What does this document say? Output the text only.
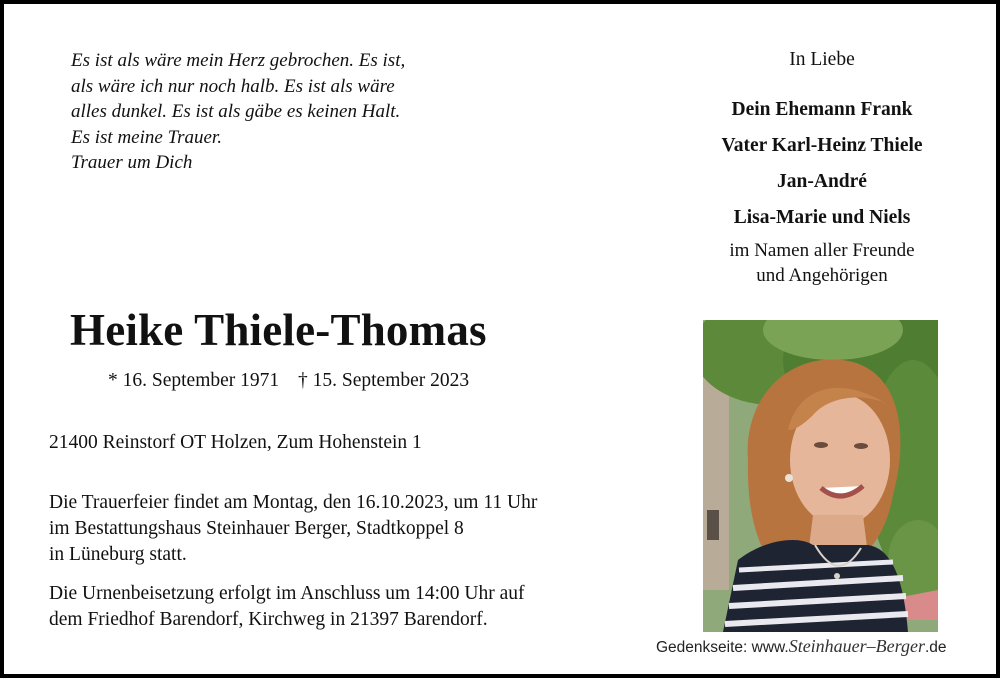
Es ist als wäre mein Herz gebrochen. Es ist,
als wäre ich nur noch halb. Es ist als wäre
alles dunkel. Es ist als gäbe es keinen Halt.
Es ist meine Trauer.
Trauer um Dich
In Liebe
Dein Ehemann Frank
Vater Karl-Heinz Thiele
Jan-André
Lisa-Marie und Niels
im Namen aller Freunde
und Angehörigen
Heike Thiele-Thomas
* 16. September 1971 † 15. September 2023
21400 Reinstorf OT Holzen, Zum Hohenstein 1
Die Trauerfeier findet am Montag, den 16.10.2023, um 11 Uhr
im Bestattungshaus Steinhauer Berger, Stadtkoppel 8
in Lüneburg statt.
Die Urnenbeisetzung erfolgt im Anschluss um 14:00 Uhr auf
dem Friedhof Barendorf, Kirchweg in 21397 Barendorf.
Gedenkseite: www.Steinhauer–Berger.de
